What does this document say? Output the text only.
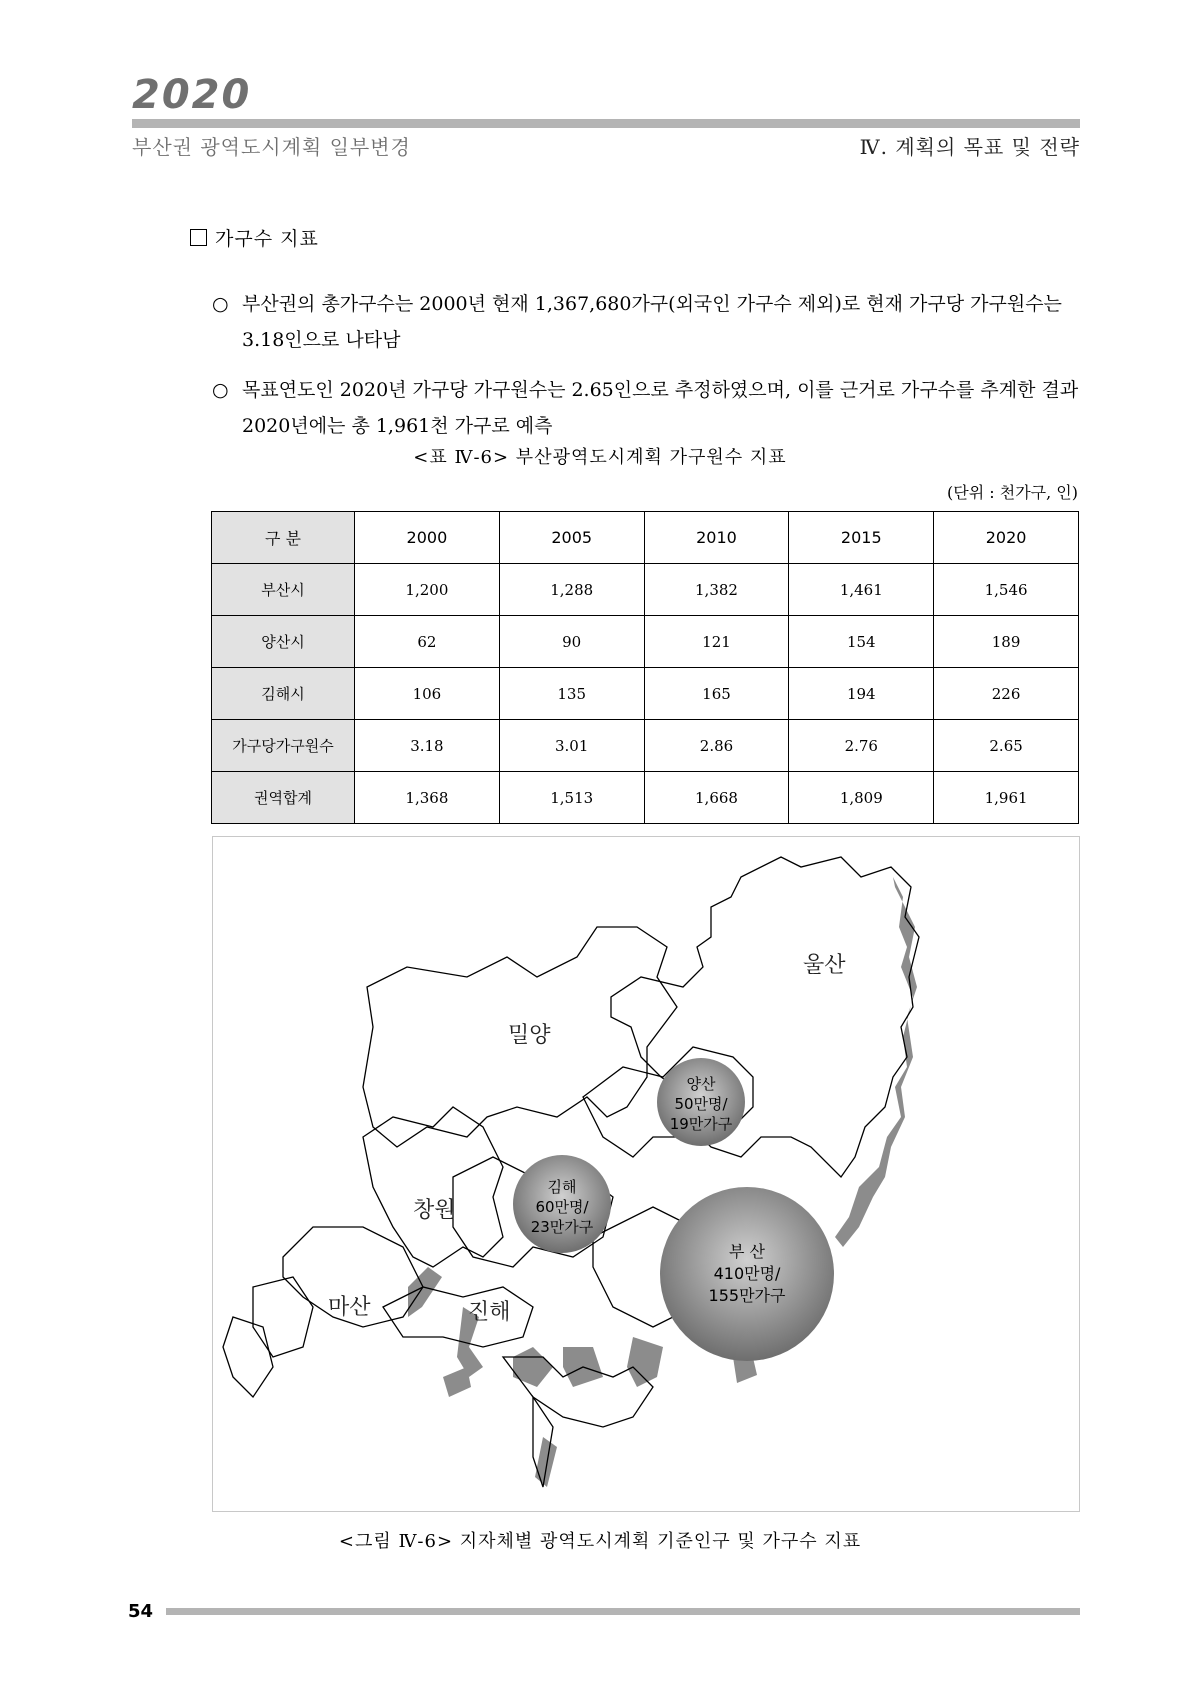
2020
부산권 광역도시계획 일부변경	Ⅳ. 계획의 목표 및 전략
가구수 지표
○ 부산권의 총가구수는 2000년 현재 1,367,680가구(외국인 가구수 제외)로 현재 가구당 가구원수는 3.18인으로 나타남
○ 목표연도인 2020년 가구당 가구원수는 2.65인으로 추정하였으며, 이를 근거로 가구수를 추계한 결과 2020년에는 총 1,961천 가구로 예측
<표 Ⅳ-6> 부산광역도시계획 가구원수 지표
(단위 : 천가구, 인)
구 분	2000	2005	2010	2015	2020
부산시	1,200	1,288	1,382	1,461	1,546
양산시	62	90	121	154	189
김해시	106	135	165	194	226
가구당가구원수	3.18	3.01	2.86	2.76	2.65
권역합계	1,368	1,513	1,668	1,809	1,961
울산
밀양
창원
마산	진해
양산
50만명/
19만가구
김해
60만명/
23만가구
부 산
410만명/
155만가구
<그림 Ⅳ-6> 지자체별 광역도시계획 기준인구 및 가구수 지표
54
